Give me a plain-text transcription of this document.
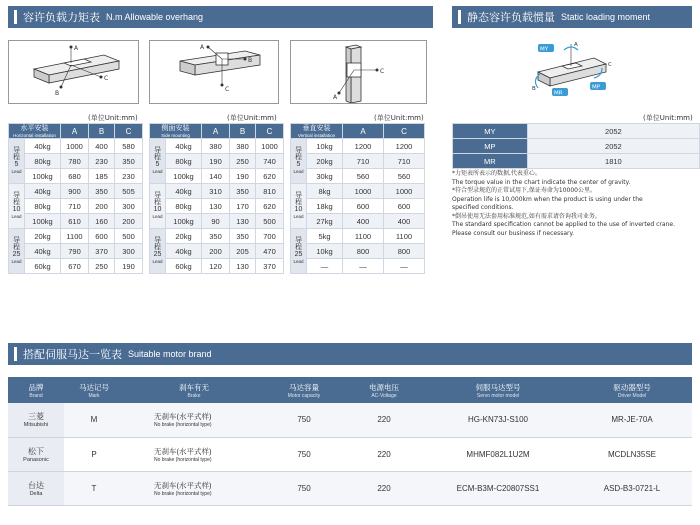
容许负载力矩表 N.m Allowable overhang	静态容许负载惯量 Static loading moment
A
C
B
B
C
A
C
A
MY
MR
MP
A
B
C
(单位Unit:mm)	(单位Unit:mm)	(单位Unit:mm)	(单位Unit:mm)
水平安装
Horizontal installation		A	B	C

导
程
5
Lead	40kg	1000	400	580
	80kg	780	230	350
	100kg	680	185	230

导
程
10
Lead	40kg	900	350	505
	80kg	710	200	300
	100kg	610	160	200

导
程
25
Lead	20kg	1100	600	500
	40kg	790	370	300
	60kg	670	250	190
侧面安装
Side mounting		A	B	C

导
程
5
Lead	40kg	380	380	1000
	80kg	190	250	740
	100kg	140	190	620

导
程
10
Lead	40kg	310	350	810
	80kg	130	170	620
	100kg	90	130	500

导
程
25
Lead	20kg	350	350	700
	40kg	200	205	470
	60kg	120	130	370
垂直安装
Vertical installation		A	C

导
程
5
Lead	10kg	1200	1200
	20kg	710	710
	30kg	560	560

导
程
10
Lead	8kg	1000	1000
	18kg	600	600
	27kg	400	400

导
程
25
Lead	5kg	1100	1100
	10kg	800	800
	—	—	—
MY	2052
MP	2052
MR	1810
*力矩表所表示的数据,代表重心。
The torque value in the chart indicate the center of gravity.
*符合型录规范的正常试用下,保证寿命为10000公里。
Operation life is 10,000km when the product is using under the
specified conditions.
*倒吊使用无法套用标准规范,如有需求请咨询我司业务。
The standard specification cannot be applied to the use of inverted crane.
Please consult our business if necessary.
搭配伺服马达一览表 Suitable motor brand
品牌
Brand	马达记号
Mark	刹车有无
Brake	马达容量
Motor capacity	电源电压
AC-Voltage	伺服马达型号
Servo motor model	驱动器型号
Driver Model

三菱
Mitsubishi	M	无刹车(水平式样)
No brake (horizontal type)	750	220	HG-KN73J-S100	MR-JE-70A

松下
Panasonic	P	无刹车(水平式样)
No brake (horizontal type)	750	220	MHMF082L1U2M	MCDLN35SE

台达
Delta	T	无刹车(水平式样)
No brake (horizontal type)	750	220	ECM-B3M-C20807SS1	ASD-B3-0721-L
